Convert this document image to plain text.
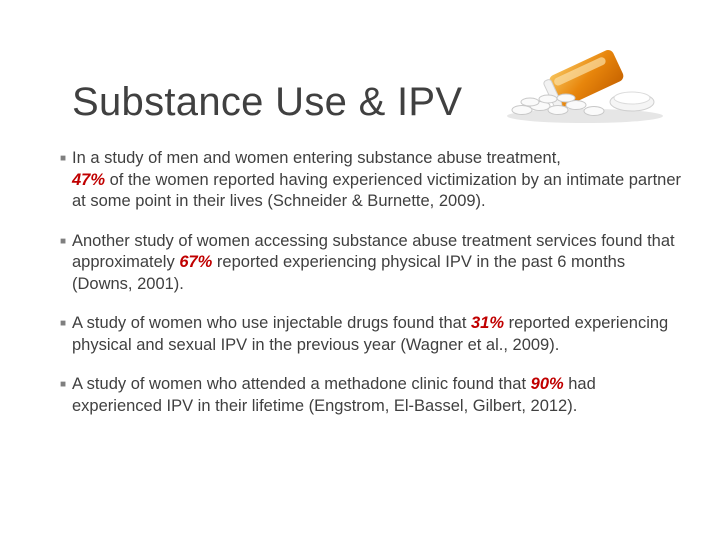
Substance Use & IPV
■ In a study of men and women entering substance abuse treatment,
47% of the women reported having experienced victimization by an intimate partner at some point in their lives (Schneider & Burnette, 2009).
■ Another study of women accessing substance abuse treatment services found that approximately 67% reported experiencing physical IPV in the past 6 months (Downs, 2001).
■ A study of women who use injectable drugs found that 31% reported experiencing physical and sexual IPV in the previous year (Wagner et al., 2009).
■ A study of women who attended a methadone clinic found that 90% had experienced IPV in their lifetime (Engstrom, El-Bassel, Gilbert, 2012).
